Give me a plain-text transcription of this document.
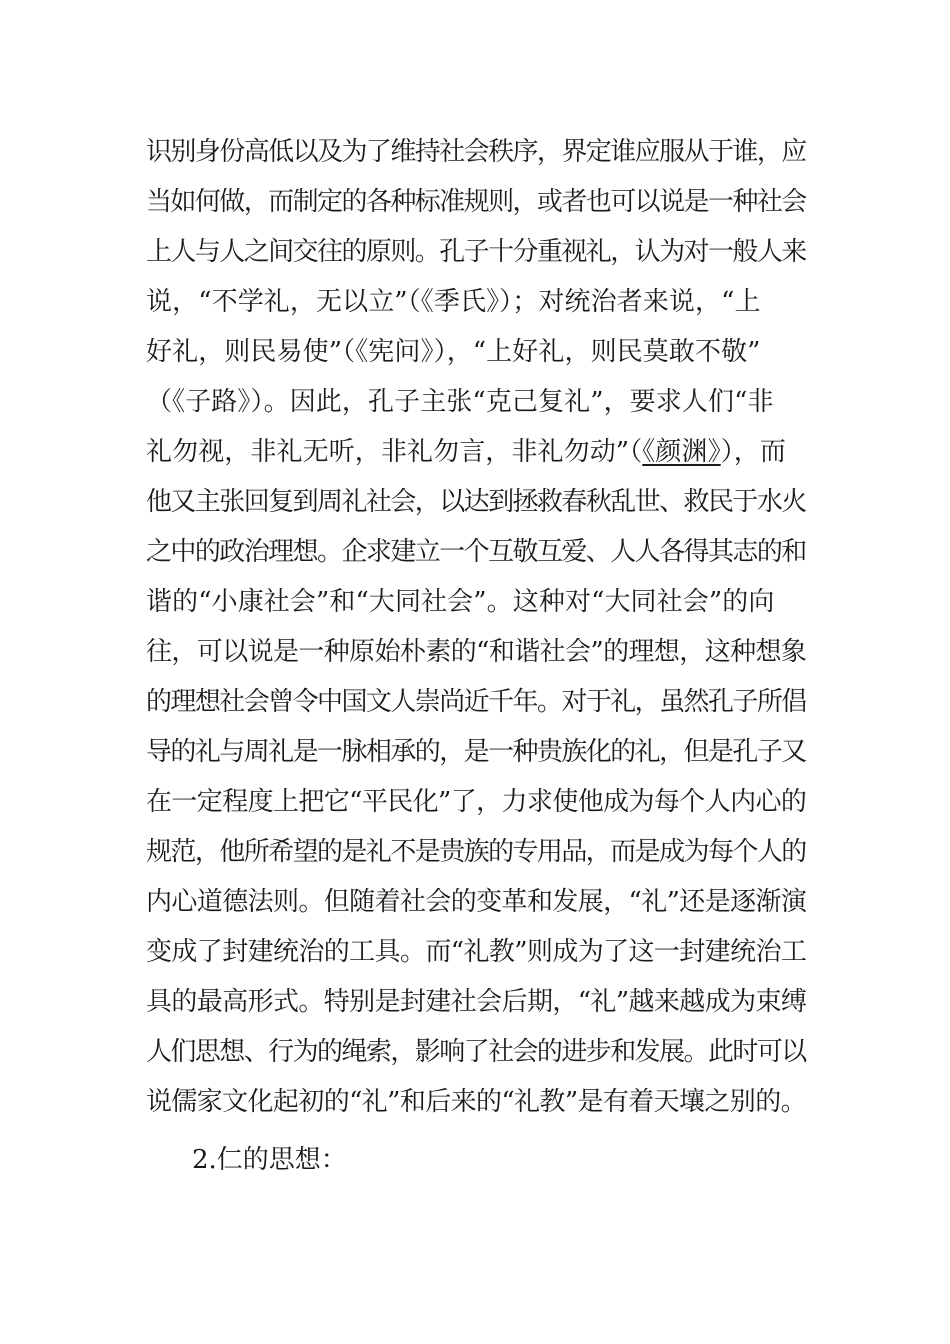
识别身份高低以及为了维持社会秩序，界定谁应服从于谁，应
当如何做，而制定的各种标准规则，或者也可以说是一种社会
上人与人之间交往的原则。孔子十分重视礼，认为对一般人来
说，“不学礼，无以立”（《季氏》）；对统治者来说，“上
好礼，则民易使”（《宪问》），“上好礼，则民莫敢不敬”
（《子路》）。因此，孔子主张“克己复礼”，要求人们“非
礼勿视，非礼无听，非礼勿言，非礼勿动”（《颜渊》），而
他又主张回复到周礼社会，以达到拯救春秋乱世、救民于水火
之中的政治理想。企求建立一个互敬互爱、人人各得其志的和
谐的“小康社会”和“大同社会”。这种对“大同社会”的向
往，可以说是一种原始朴素的“和谐社会”的理想，这种想象
的理想社会曾令中国文人崇尚近千年。对于礼，虽然孔子所倡
导的礼与周礼是一脉相承的，是一种贵族化的礼，但是孔子又
在一定程度上把它“平民化”了，力求使他成为每个人内心的
规范，他所希望的是礼不是贵族的专用品，而是成为每个人的
内心道德法则。但随着社会的变革和发展，“礼”还是逐渐演
变成了封建统治的工具。而“礼教”则成为了这一封建统治工
具的最高形式。特别是封建社会后期，“礼”越来越成为束缚
人们思想、行为的绳索，影响了社会的进步和发展。此时可以
说儒家文化起初的“礼”和后来的“礼教”是有着天壤之别的。
2.仁的思想：
